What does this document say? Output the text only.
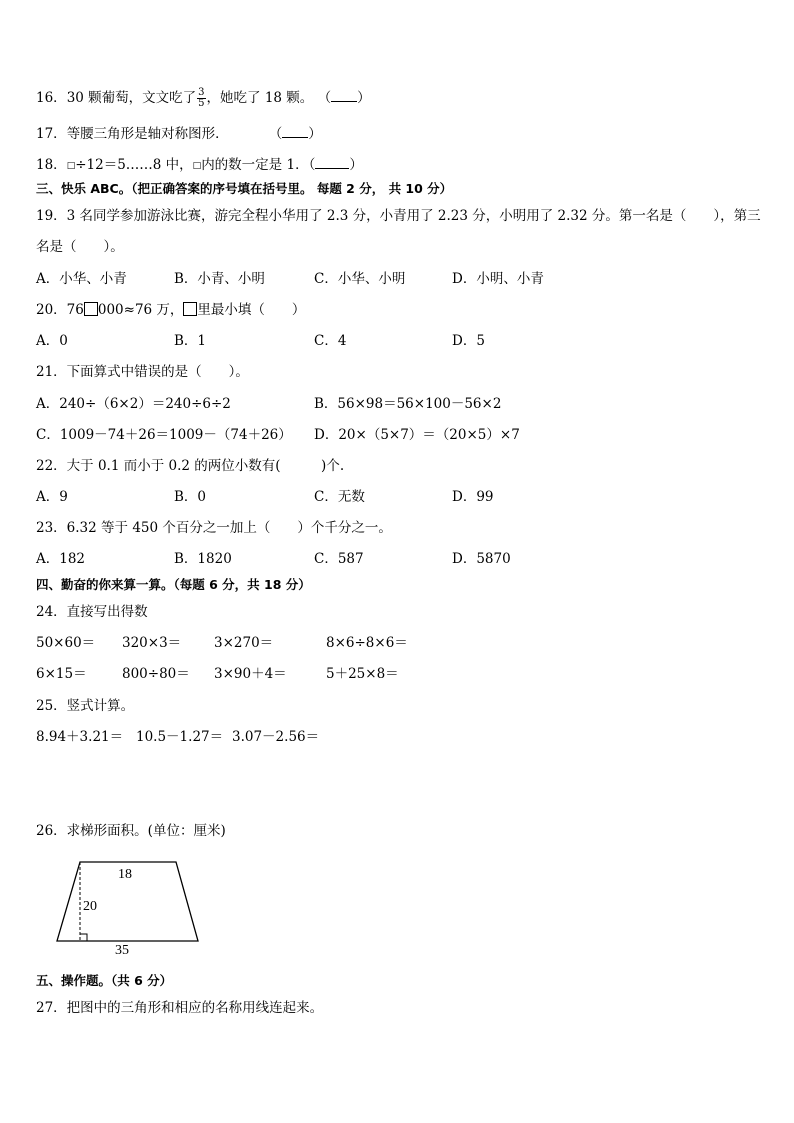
16．30 颗葡萄，文文吃了 $\frac{3}{5}$ ，她吃了 18 颗。 （ ）
17．等腰三角形是轴对称图形．	（ ）
18．□÷12＝5……8 中，□内的数一定是 1．（	）
三、快乐 ABC。（把正确答案的序号填在括号里。 每题 2 分， 共 10 分）
19．3 名同学参加游泳比赛，游完全程小华用了 2.3 分，小青用了 2.23 分，小明用了 2.32 分。第一名是（　　），第三
名是（　　）。
A．小华、小青	B．小青、小明	C．小华、小明	D．小明、小青
20．76 000≈76 万， 里最小填（　　）
A．0	B．1	C．4	D．5
21．下面算式中错误的是（　　）。
A．240÷（6×2）＝240÷6÷2	B．56×98＝56×100－56×2
C．1009－74＋26＝1009－（74＋26） D．20×（5×7）＝（20×5）×7
22．大于 0.1 而小于 0.2 的两位小数有(　　　)个.
A．9	B．0	C．无数	D．99
23．6.32 等于 450 个百分之一加上（　　）个千分之一。
A．182	B．1820	C．587	D．5870
四、勤奋的你来算一算。（每题 6 分，共 18 分）
24．直接写出得数
50×60＝ 320×3＝ 3×270＝	8×6÷8×6＝
6×15＝	800÷80＝ 3×90＋4＝	5＋25×8＝
25．竖式计算。
8.94＋3.21＝ 10.5－1.27＝ 3.07－2.56＝
26．求梯形面积。(单位：厘米)
18
20
35
五、操作题。（共 6 分）
27．把图中的三角形和相应的名称用线连起来。
